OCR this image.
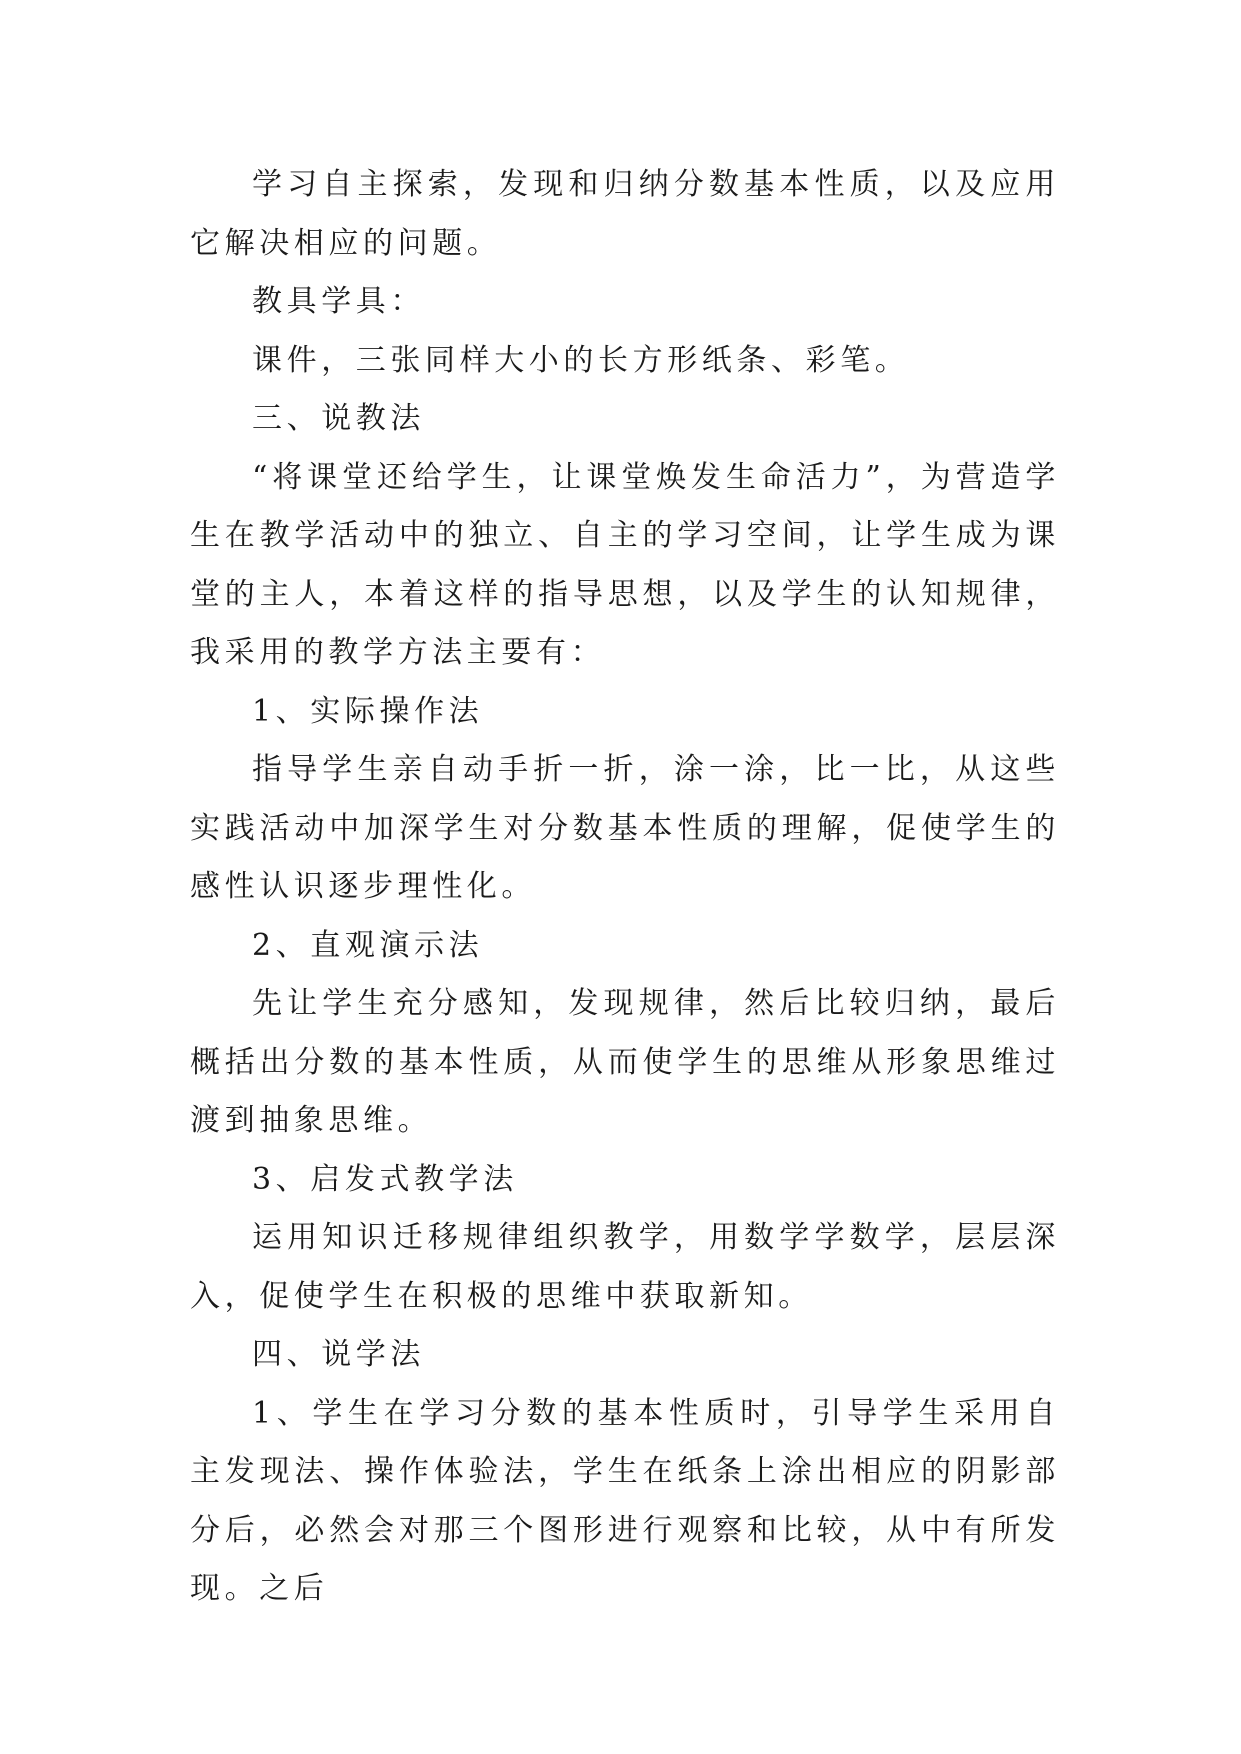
学习自主探索，发现和归纳分数基本性质，以及应用它解决相应的问题。

教具学具：

课件，三张同样大小的长方形纸条、彩笔。

三、说教法

“将课堂还给学生，让课堂焕发生命活力”，为营造学生在教学活动中的独立、自主的学习空间，让学生成为课堂的主人，本着这样的指导思想，以及学生的认知规律，我采用的教学方法主要有：

1、实际操作法

指导学生亲自动手折一折，涂一涂，比一比，从这些实践活动中加深学生对分数基本性质的理解，促使学生的感性认识逐步理性化。

2、直观演示法

先让学生充分感知，发现规律，然后比较归纳，最后概括出分数的基本性质，从而使学生的思维从形象思维过渡到抽象思维。

3、启发式教学法

运用知识迁移规律组织教学，用数学学数学，层层深入，促使学生在积极的思维中获取新知。

四、说学法

1、学生在学习分数的基本性质时，引导学生采用自主发现法、操作体验法，学生在纸条上涂出相应的阴影部分后，必然会对那三个图形进行观察和比较，从中有所发现。之后
